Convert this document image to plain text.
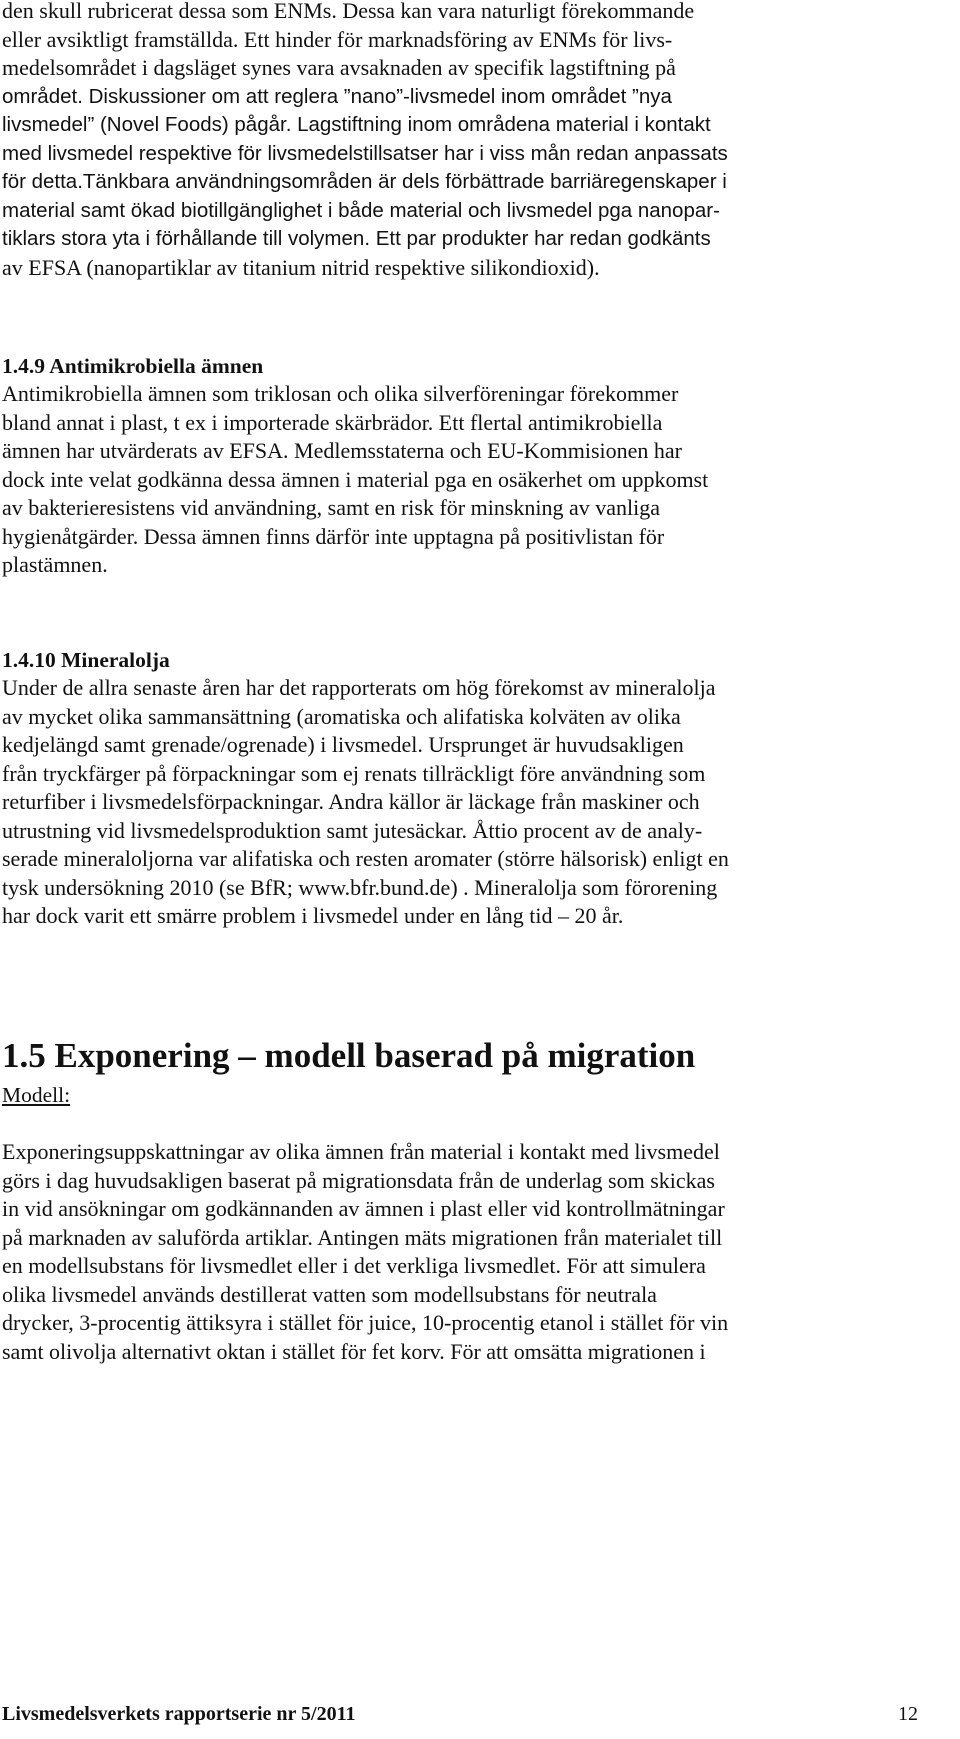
den skull rubricerat dessa som ENMs. Dessa kan vara naturligt förekommande

eller avsiktligt framställda. Ett hinder för marknadsföring av ENMs för livs-

medelsområdet i dagsläget synes vara avsaknaden av specifik lagstiftning på

området. Diskussioner om att reglera ”nano”-livsmedel inom området ”nya

livsmedel” (Novel Foods) pågår. Lagstiftning inom områdena material i kontakt

med livsmedel respektive för livsmedelstillsatser har i viss mån redan anpassats

för detta.Tänkbara användningsområden är dels förbättrade barriäregenskaper i

material samt ökad biotillgänglighet i både material och livsmedel pga nanopar-

tiklars stora yta i förhållande till volymen. Ett par produkter har redan godkänts

av EFSA (nanopartiklar av titanium nitrid respektive silikondioxid).

1.4.9 Antimikrobiella ämnen

Antimikrobiella ämnen som triklosan och olika silverföreningar förekommer

bland annat i plast, t ex i importerade skärbrädor. Ett flertal antimikrobiella

ämnen har utvärderats av EFSA. Medlemsstaterna och EU-Kommisionen har

dock inte velat godkänna dessa ämnen i material pga en osäkerhet om uppkomst

av bakterieresistens vid användning, samt en risk för minskning av vanliga

hygienåtgärder. Dessa ämnen finns därför inte upptagna på positivlistan för

plastämnen.

1.4.10 Mineralolja

Under de allra senaste åren har det rapporterats om hög förekomst av mineralolja

av mycket olika sammansättning (aromatiska och alifatiska kolväten av olika

kedjelängd samt grenade/ogrenade) i livsmedel. Ursprunget är huvudsakligen

från tryckfärger på förpackningar som ej renats tillräckligt före användning som

returfiber i livsmedelsförpackningar. Andra källor är läckage från maskiner och

utrustning vid livsmedelsproduktion samt jutesäckar. Åttio procent av de analy-

serade mineraloljorna var alifatiska och resten aromater (större hälsorisk) enligt en

tysk undersökning 2010 (se BfR; www.bfr.bund.de) . Mineralolja som förorening

har dock varit ett smärre problem i livsmedel under en lång tid – 20 år.

1.5 Exponering – modell baserad på migration
Modell:

Exponeringsuppskattningar av olika ämnen från material i kontakt med livsmedel

görs i dag huvudsakligen baserat på migrationsdata från de underlag som skickas

in vid ansökningar om godkännanden av ämnen i plast eller vid kontrollmätningar

på marknaden av saluförda artiklar. Antingen mäts migrationen från materialet till

en modellsubstans för livsmedlet eller i det verkliga livsmedlet. För att simulera

olika livsmedel används destillerat vatten som modellsubstans för neutrala

drycker, 3-procentig ättiksyra i stället för juice, 10-procentig etanol i stället för vin

samt olivolja alternativt oktan i stället för fet korv. För att omsätta migrationen i

Livsmedelsverkets rapportserie nr 5/2011	12
